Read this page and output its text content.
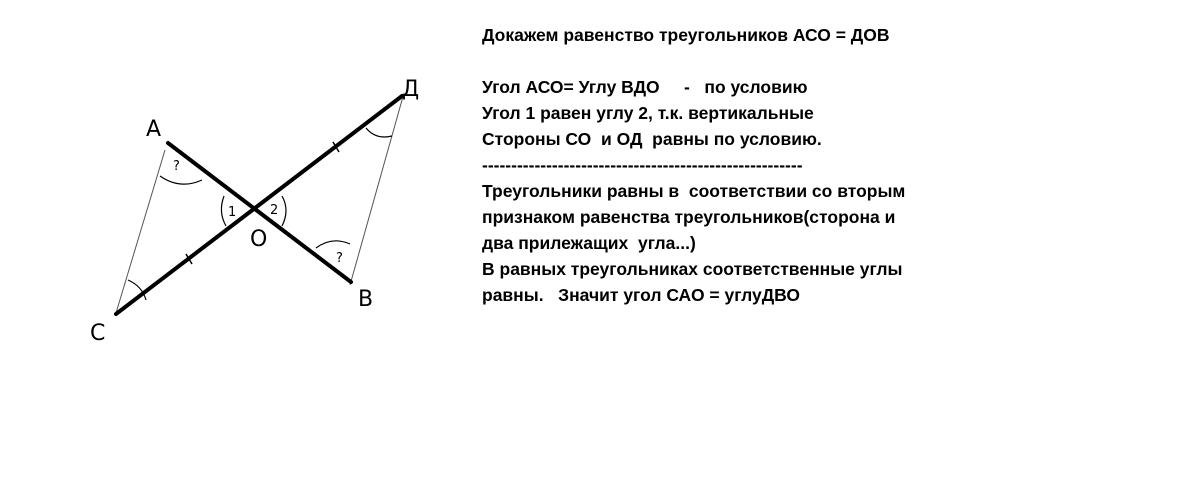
A
C
Д
B
O
1	2
?
?
Докажем равенство треугольников АСО = ДОВ
Угол АСО= Углу ВДО     -   по условию
Угол 1 равен углу 2, т.к. вертикальные
Стороны СО  и ОД  равны по условию.
-------------------------------------------------------
Треугольники равны в  соответствии со вторым
признаком равенства треугольников(сторона и
два прилежащих  угла...)
В равных треугольниках соответственные углы
равны.   Значит угол САО = углуДВО
